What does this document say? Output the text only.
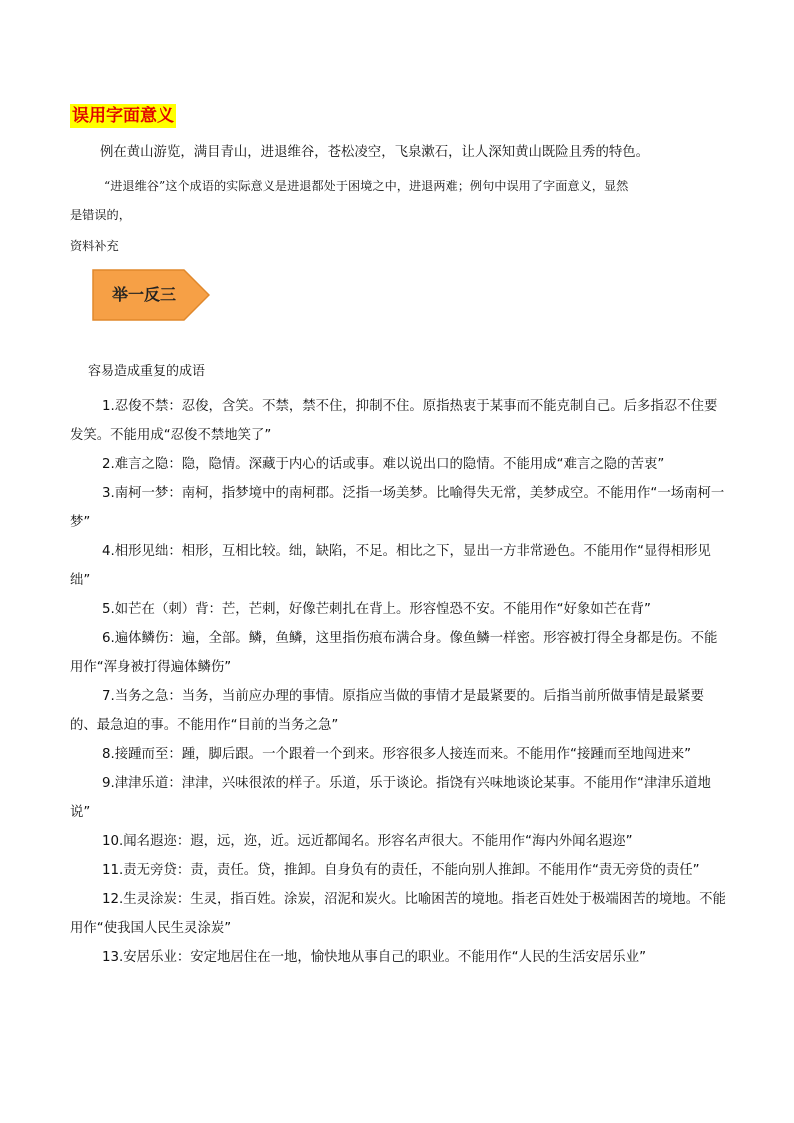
误用字面意义
例在黄山游览，满目青山，进退维谷，苍松凌空，飞泉漱石，让人深知黄山既险且秀的特色。
“进退维谷”这个成语的实际意义是进退都处于困境之中，进退两难；例句中误用了字面意义，显然
是错误的，
资料补充
举一反三
容易造成重复的成语
1.忍俊不禁：忍俊，含笑。不禁，禁不住，抑制不住。原指热衷于某事而不能克制自己。后多指忍不住要发笑。不能用成“忍俊不禁地笑了”
2.难言之隐：隐，隐情。深藏于内心的话或事。难以说出口的隐情。不能用成“难言之隐的苦衷”
3.南柯一梦：南柯，指梦境中的南柯郡。泛指一场美梦。比喻得失无常，美梦成空。不能用作“一场南柯一梦”
4.相形见绌：相形，互相比较。绌，缺陷，不足。相比之下，显出一方非常逊色。不能用作“显得相形见绌”
5.如芒在（刺）背：芒，芒刺，好像芒刺扎在背上。形容惶恐不安。不能用作“好象如芒在背”
6.遍体鳞伤：遍，全部。鳞，鱼鳞，这里指伤痕布满合身。像鱼鳞一样密。形容被打得全身都是伤。不能用作“浑身被打得遍体鳞伤”
7.当务之急：当务，当前应办理的事情。原指应当做的事情才是最紧要的。后指当前所做事情是最紧要的、最急迫的事。不能用作“目前的当务之急”
8.接踵而至：踵，脚后跟。一个跟着一个到来。形容很多人接连而来。不能用作“接踵而至地闯进来”
9.津津乐道：津津，兴味很浓的样子。乐道，乐于谈论。指饶有兴味地谈论某事。不能用作“津津乐道地说”
10.闻名遐迩：遐，远，迩，近。远近都闻名。形容名声很大。不能用作“海内外闻名遐迩”
11.责无旁贷：责，责任。贷，推卸。自身负有的责任，不能向别人推卸。不能用作“责无旁贷的责任”
12.生灵涂炭：生灵，指百姓。涂炭，沼泥和炭火。比喻困苦的境地。指老百姓处于极端困苦的境地。不能用作“使我国人民生灵涂炭”
13.安居乐业：安定地居住在一地，愉快地从事自己的职业。不能用作“人民的生活安居乐业”
